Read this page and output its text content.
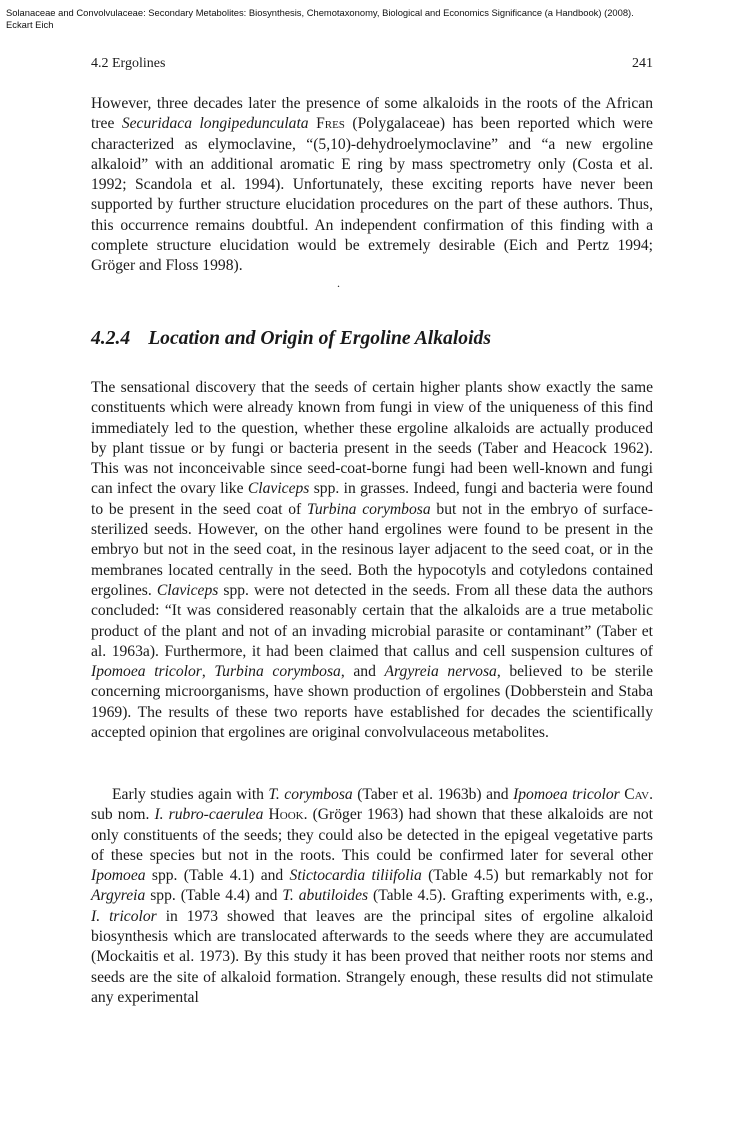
Solanaceae and Convolvulaceae: Secondary Metabolites: Biosynthesis, Chemotaxonomy, Biological and Economics Significance (a Handbook) (2008).
Eckart Eich
4.2 Ergolines	241

However, three decades later the presence of some alkaloids in the roots of the African tree Securidaca longipedunculata Fres (Polygalaceae) has been reported which were characterized as elymoclavine, “(5,10)-dehydroelymoclavine” and “a new ergoline alkaloid” with an additional aromatic E ring by mass spectrometry only (Costa et al. 1992; Scandola et al. 1994). Unfortunately, these exciting reports have never been supported by further structure elucidation procedures on the part of these authors. Thus, this occurrence remains doubtful. An independent confirmation of this finding with a complete structure elucidation would be extremely desirable (Eich and Pertz 1994; Gröger and Floss 1998).

.
4.2.4 Location and Origin of Ergoline Alkaloids

The sensational discovery that the seeds of certain higher plants show exactly the same constituents which were already known from fungi in view of the uniqueness of this find immediately led to the question, whether these ergoline alkaloids are actually produced by plant tissue or by fungi or bacteria present in the seeds (Taber and Heacock 1962). This was not inconceivable since seed-coat-borne fungi had been well-known and fungi can infect the ovary like Claviceps spp. in grasses. Indeed, fungi and bacteria were found to be present in the seed coat of Turbina corymbosa but not in the embryo of surface-sterilized seeds. However, on the other hand ergolines were found to be present in the embryo but not in the seed coat, in the resinous layer adjacent to the seed coat, or in the membranes located centrally in the seed. Both the hypocotyls and cotyledons contained ergolines. Claviceps spp. were not detected in the seeds. From all these data the authors concluded: “It was considered reasonably certain that the alkaloids are a true metabolic product of the plant and not of an invading microbial parasite or contaminant” (Taber et al. 1963a). Furthermore, it had been claimed that callus and cell suspension cultures of Ipomoea tricolor, Turbina corymbosa, and Argyreia nervosa, believed to be sterile concerning microorganisms, have shown production of ergolines (Dobberstein and Staba 1969). The results of these two reports have established for decades the scientifically accepted opinion that ergolines are original convolvulaceous metabolites.

Early studies again with T. corymbosa (Taber et al. 1963b) and Ipomoea tricolor Cav. sub nom. I. rubro-caerulea Hook. (Gröger 1963) had shown that these alkaloids are not only constituents of the seeds; they could also be detected in the epigeal vegetative parts of these species but not in the roots. This could be confirmed later for several other Ipomoea spp. (Table 4.1) and Stictocardia tiliifolia (Table 4.5) but remarkably not for Argyreia spp. (Table 4.4) and T. abutiloides (Table 4.5). Grafting experiments with, e.g., I. tricolor in 1973 showed that leaves are the principal sites of ergoline alkaloid biosynthesis which are translocated afterwards to the seeds where they are accumulated (Mockaitis et al. 1973). By this study it has been proved that neither roots nor stems and seeds are the site of alkaloid formation. Strangely enough, these results did not stimulate any experimental
